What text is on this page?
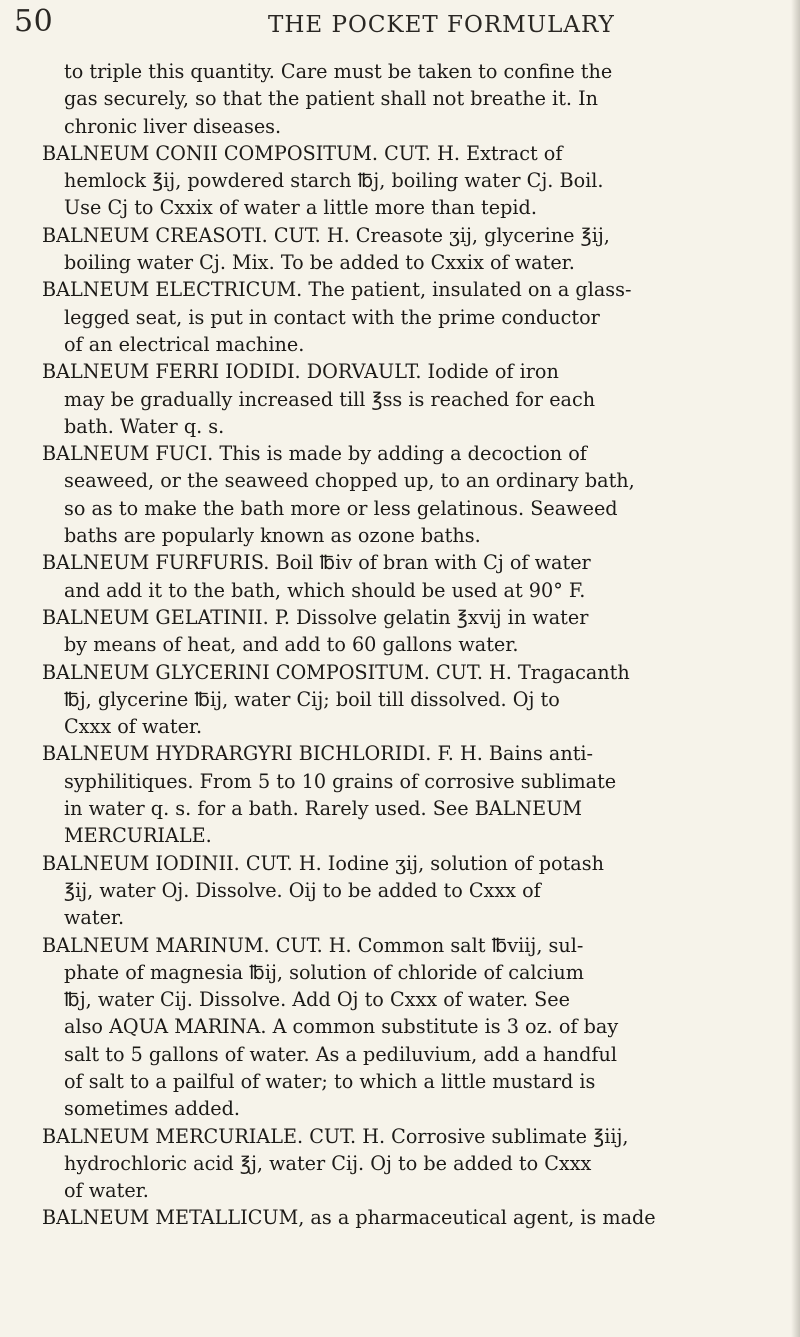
50	THE POCKET FORMULARY
to triple this quantity. Care must be taken to confine the
gas securely, so that the patient shall not breathe it. In
chronic liver diseases.
BALNEUM CONII COMPOSITUM. CUT. H. Extract of
hemlock ℥ij, powdered starch ℔j, boiling water Cj. Boil.
Use Cj to Cxxix of water a little more than tepid.
BALNEUM CREASOTI. CUT. H. Creasote ʒij, glycerine ℥ij,
boiling water Cj. Mix. To be added to Cxxix of water.
BALNEUM ELECTRICUM. The patient, insulated on a glass-
legged seat, is put in contact with the prime conductor
of an electrical machine.
BALNEUM FERRI IODIDI. DORVAULT. Iodide of iron
may be gradually increased till ℥ss is reached for each
bath. Water q. s.
BALNEUM FUCI. This is made by adding a decoction of
seaweed, or the seaweed chopped up, to an ordinary bath,
so as to make the bath more or less gelatinous. Seaweed
baths are popularly known as ozone baths.
BALNEUM FURFURIS. Boil ℔iv of bran with Cj of water
and add it to the bath, which should be used at 90° F.
BALNEUM GELATINII. P. Dissolve gelatin ℥xvij in water
by means of heat, and add to 60 gallons water.
BALNEUM GLYCERINI COMPOSITUM. CUT. H. Tragacanth
℔j, glycerine ℔ij, water Cij; boil till dissolved. Oj to
Cxxx of water.
BALNEUM HYDRARGYRI BICHLORIDI. F. H. Bains anti-
syphilitiques. From 5 to 10 grains of corrosive sublimate
in water q. s. for a bath. Rarely used. See BALNEUM
MERCURIALE.
BALNEUM IODINII. CUT. H. Iodine ʒij, solution of potash
℥ij, water Oj. Dissolve. Oij to be added to Cxxx of
water.
BALNEUM MARINUM. CUT. H. Common salt ℔viij, sul-
phate of magnesia ℔ij, solution of chloride of calcium
℔j, water Cij. Dissolve. Add Oj to Cxxx of water. See
also AQUA MARINA. A common substitute is 3 oz. of bay
salt to 5 gallons of water. As a pediluvium, add a handful
of salt to a pailful of water; to which a little mustard is
sometimes added.
BALNEUM MERCURIALE. CUT. H. Corrosive sublimate ℥iij,
hydrochloric acid ℥j, water Cij. Oj to be added to Cxxx
of water.
BALNEUM METALLICUM, as a pharmaceutical agent, is made
